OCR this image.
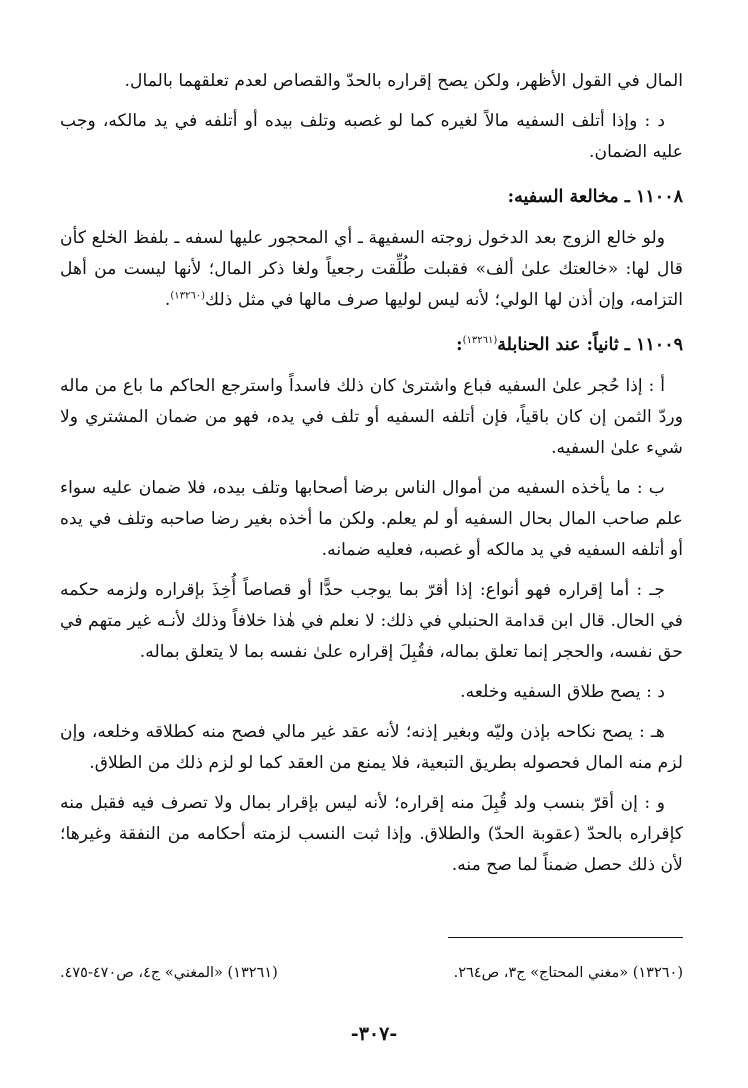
المال في القول الأظهر، ولكن يصح إقراره بالحدّ والقصاص لعدم تعلقهما بالمال.

د : وإذا أتلف السفيه مالاً لغيره كما لو غصبه وتلف بيده أو أتلفه في يد مالكه، وجب عليه الضمان.

١١٠٠٨ ـ مخالعة السفيه:

ولو خالع الزوج بعد الدخول زوجته السفيهة ـ أي المحجور عليها لسفه ـ بلفظ الخلع كأن قال لها: «خالعتك علىٰ ألف» فقبلت طُلِّقت رجعياً ولغا ذكر المال؛ لأنها ليست من أهل التزامه، وإن أذن لها الولي؛ لأنه ليس لوليها صرف مالها في مثل ذلك$^{(١٣٢٦٠)}$.

١١٠٠٩ ـ ثانياً: عند الحنابلة$^{(١٣٢٦١)}$:

أ : إذا حُجر علىٰ السفيه فباع واشترىٰ كان ذلك فاسداً واسترجع الحاكم ما باع من ماله وردّ الثمن إن كان باقياً، فإن أتلفه السفيه أو تلف في يده، فهو من ضمان المشتري ولا شيء علىٰ السفيه.

ب : ما يأخذه السفيه من أموال الناس برضا أصحابها وتلف بيده، فلا ضمان عليه سواء علم صاحب المال بحال السفيه أو لم يعلم. ولكن ما أخذه بغير رضا صاحبه وتلف في يده أو أتلفه السفيه في يد مالكه أو غصبه، فعليه ضمانه.

جـ : أما إقراره فهو أنواع: إذا أقرّ بما يوجب حدًّا أو قصاصاً أُخِذَ بإقراره ولزمه حكمه في الحال. قال ابن قدامة الحنبلي في ذلك: لا نعلم في هٰذا خلافاً وذلك لأنـه غير متهم في حق نفسه، والحجر إنما تعلق بماله، فقُبِلَ إقراره علىٰ نفسه بما لا يتعلق بماله.

د : يصح طلاق السفيه وخلعه.

هـ : يصح نكاحه بإذن وليّه وبغير إذنه؛ لأنه عقد غير مالي فصح منه كطلاقه وخلعه، وإن لزم منه المال فحصوله بطريق التبعية، فلا يمنع من العقد كما لو لزم ذلك من الطلاق.

و : إن أقرّ بنسب ولد قُبِلَ منه إقراره؛ لأنه ليس بإقرار بمال ولا تصرف فيه فقبل منه كإقراره بالحدّ (عقوبة الحدّ) والطلاق. وإذا ثبت النسب لزمته أحكامه من النفقة وغيرها؛ لأن ذلك حصل ضمناً لما صح منه.

(١٣٢٦٠) «مغني المحتاج» ج٣، ص٢٦٤.
(١٣٢٦١) «المغني» ج٤، ص٤٧٠-٤٧٥.
-٣٠٧-
